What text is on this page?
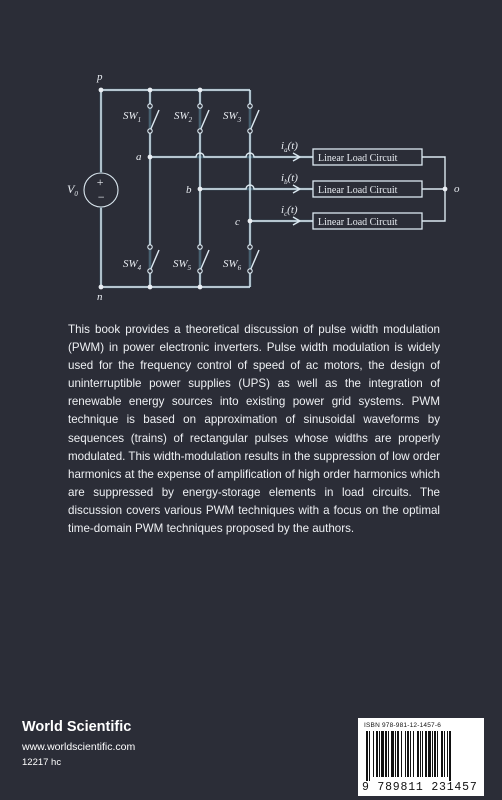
+
−
Linear Load Circuit
Linear Load Circuit
Linear Load Circuit
p
n
a
b
c
o
$V_0$
$SW_1$	$SW_2$	$SW_3$
$SW_4$	$SW_5$	$SW_6$
$i_a(t)$
$i_b(t)$
$i_c(t)$

This book provides a theoretical discussion of pulse width modulation (PWM) in power electronic inverters. Pulse width modulation is widely used for the frequency control of speed of ac motors, the design of uninterruptible power supplies (UPS) as well as the integration of renewable energy sources into existing power grid systems. PWM technique is based on approximation of sinusoidal waveforms by sequences (trains) of rectangular pulses whose widths are properly modulated. This width-modulation results in the suppression of low order harmonics at the expense of amplification of high order harmonics which are suppressed by energy-storage elements in load circuits. The discussion covers various PWM techniques with a focus on the optimal time-domain PWM techniques proposed by the authors.

World Scientific
www.worldscientific.com
12217 hc
ISBN 978-981-12-1457-6
9 789811 231457
